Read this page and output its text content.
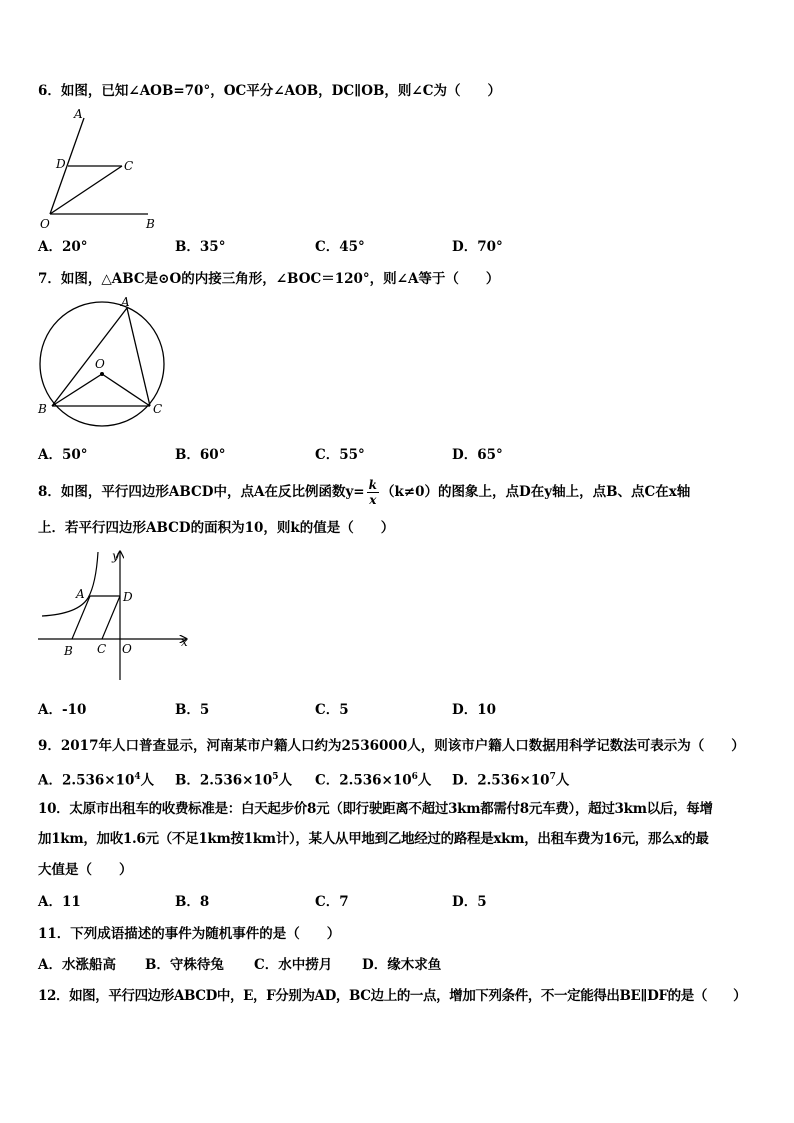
6．如图，已知∠AOB=70°，OC平分∠AOB，DC∥OB，则∠C为（　　）
A
D	C
O	B
A．20°	B．35°	C．45°	D．70°
7．如图，△ABC是⊙O的内接三角形，∠BOC＝120°，则∠A等于（　　）
A
O
B	C
A．50°	B．60°	C．55°	D．65°
8．如图，平行四边形ABCD中，点A在反比例函数$y= \frac{k}{x} (k\ne 0)$的图象上，点D在y轴上，点B、点C在x轴
上．若平行四边形ABCD的面积为10，则k的值是（　　）
y
x
A	D
B C O
A．-10	B．5	C．5	D．10
9．2017年人口普查显示，河南某市户籍人口约为2536000人，则该市户籍人口数据用科学记数法可表示为（　　）
A．$2.536\times 10^4$人 B．$2.536\times 10^5$人 C．$2.536\times 10^6$人 D．$2.536\times 10^7$人
10．太原市出租车的收费标准是：白天起步价8元（即行驶距离不超过3km都需付8元车费），超过3km以后，每增
加1km，加收1.6元（不足1km按1km计），某人从甲地到乙地经过的路程是xkm，出租车费为16元，那么x的最
大值是（　　）
A．11	B．8	C．7	D．5
11．下列成语描述的事件为随机事件的是（　　）
A．水涨船高 B．守株待兔 C．水中捞月 D．缘木求鱼
12．如图，平行四边形ABCD中，E，F分别为AD，BC边上的一点，增加下列条件，不一定能得出BE∥DF的是（　　）
